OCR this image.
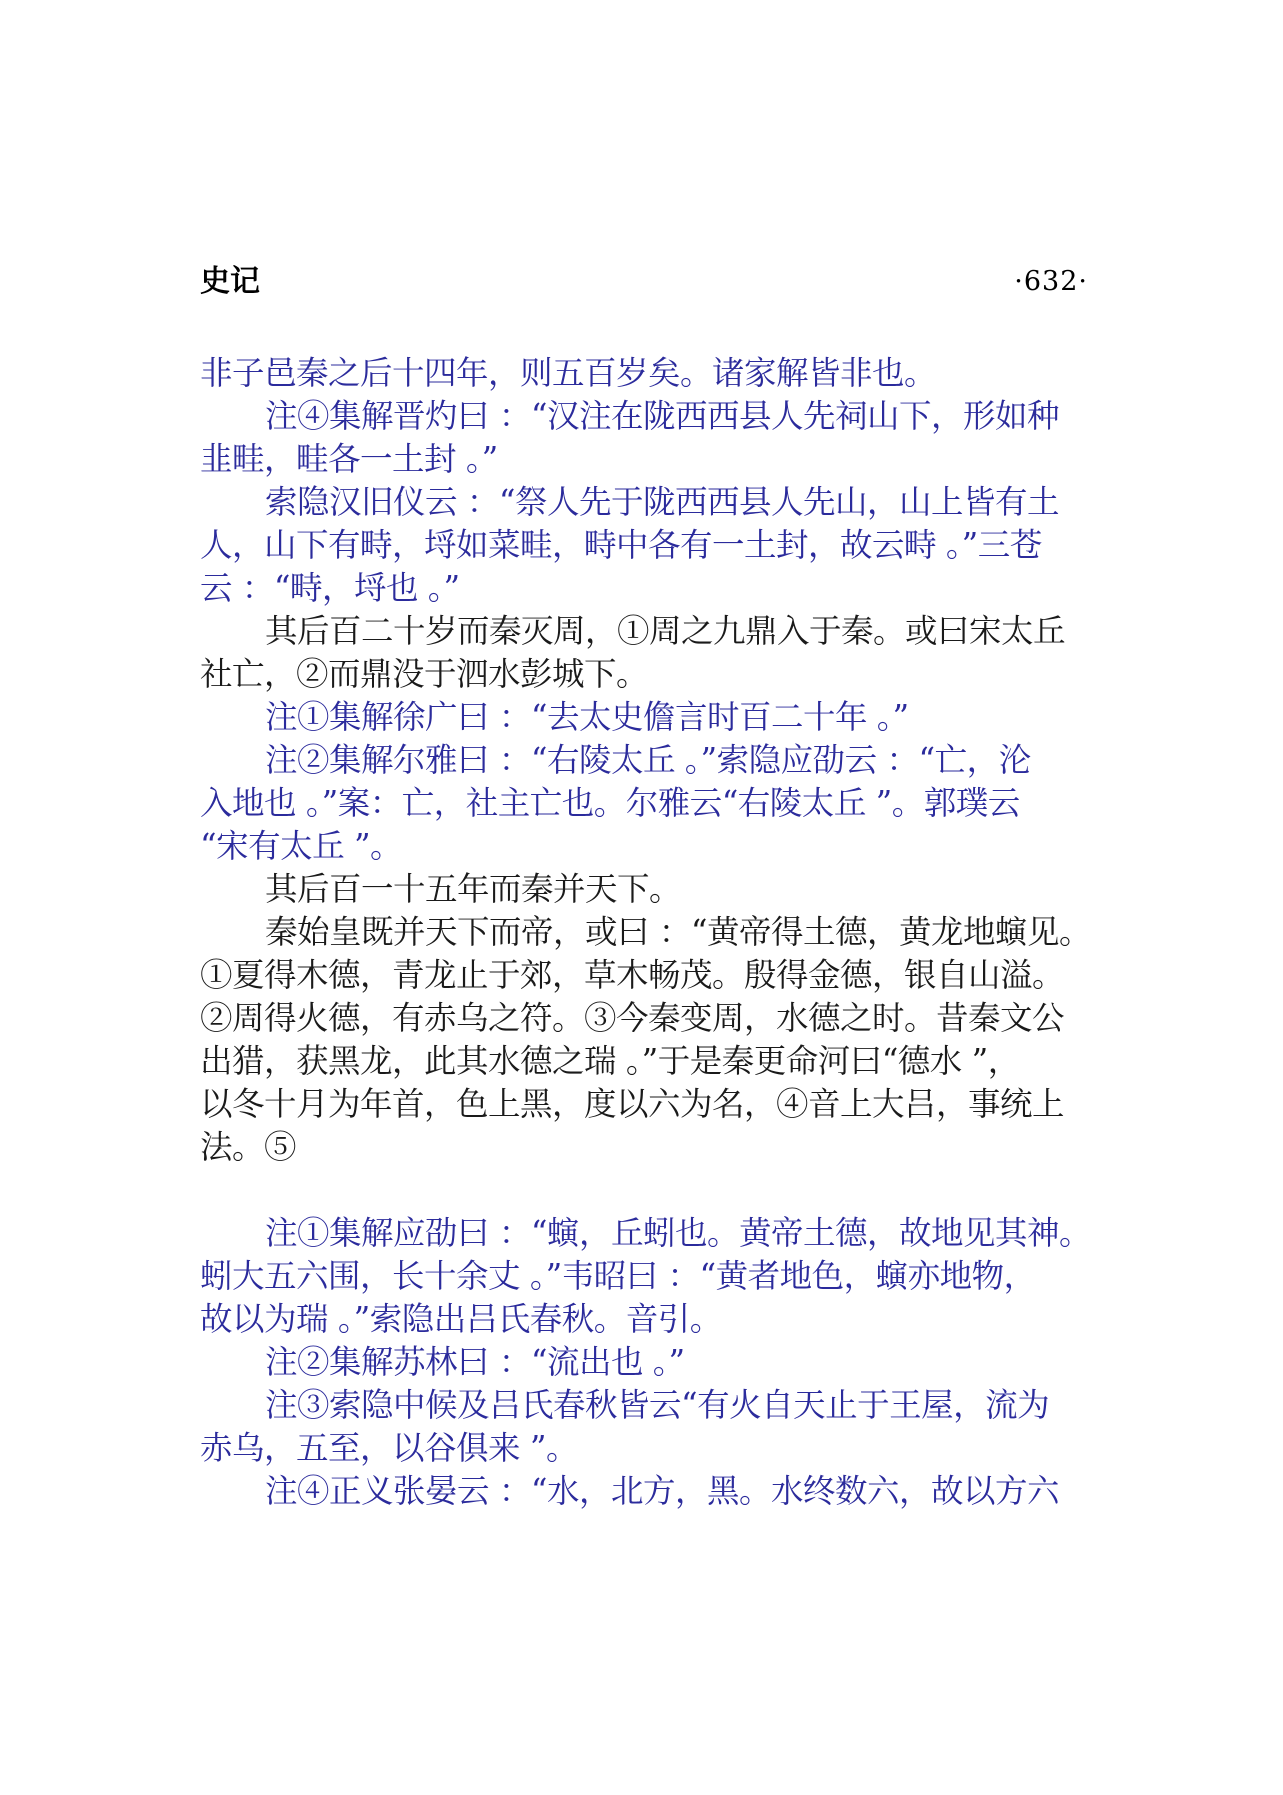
史记	·632·
非子邑秦之后十四年，则五百岁矣。诸家解皆非也。
注④集解晋灼曰 ：“汉注在陇西西县人先祠山下，形如种
韭畦，畦各一土封 。”
索隐汉旧仪云 ：“祭人先于陇西西县人先山，山上皆有土
人，山下有畤，埒如菜畦，畤中各有一土封，故云畤 。”三苍
云 ：“畤，埒也 。”
其后百二十岁而秦灭周，①周之九鼎入于秦。或曰宋太丘
社亡，②而鼎没于泗水彭城下。
注①集解徐广曰 ：“去太史儋言时百二十年 。”
注②集解尔雅曰 ：“右陵太丘 。”索隐应劭云 ：“亡，沦
入地也 。”案：亡，社主亡也。尔雅云“右陵太丘 ”。郭璞云
“宋有太丘 ”。
其后百一十五年而秦并天下。
秦始皇既并天下而帝，或曰 ：“黄帝得土德，黄龙地螾见。
①夏得木德，青龙止于郊，草木畅茂。殷得金德，银自山溢。
②周得火德，有赤乌之符。③今秦变周，水德之时。昔秦文公
出猎，获黑龙，此其水德之瑞 。”于是秦更命河曰“德水 ”，
以冬十月为年首，色上黑，度以六为名，④音上大吕，事统上
法。⑤
注①集解应劭曰 ：“螾，丘蚓也。黄帝土德，故地见其神。
蚓大五六围，长十余丈 。”韦昭曰 ：“黄者地色，螾亦地物，
故以为瑞 。”索隐出吕氏春秋。音引。
注②集解苏林曰 ：“流出也 。”
注③索隐中候及吕氏春秋皆云“有火自天止于王屋，流为
赤乌，五至，以谷俱来 ”。
注④正义张晏云 ：“水，北方，黑。水终数六，故以方六
